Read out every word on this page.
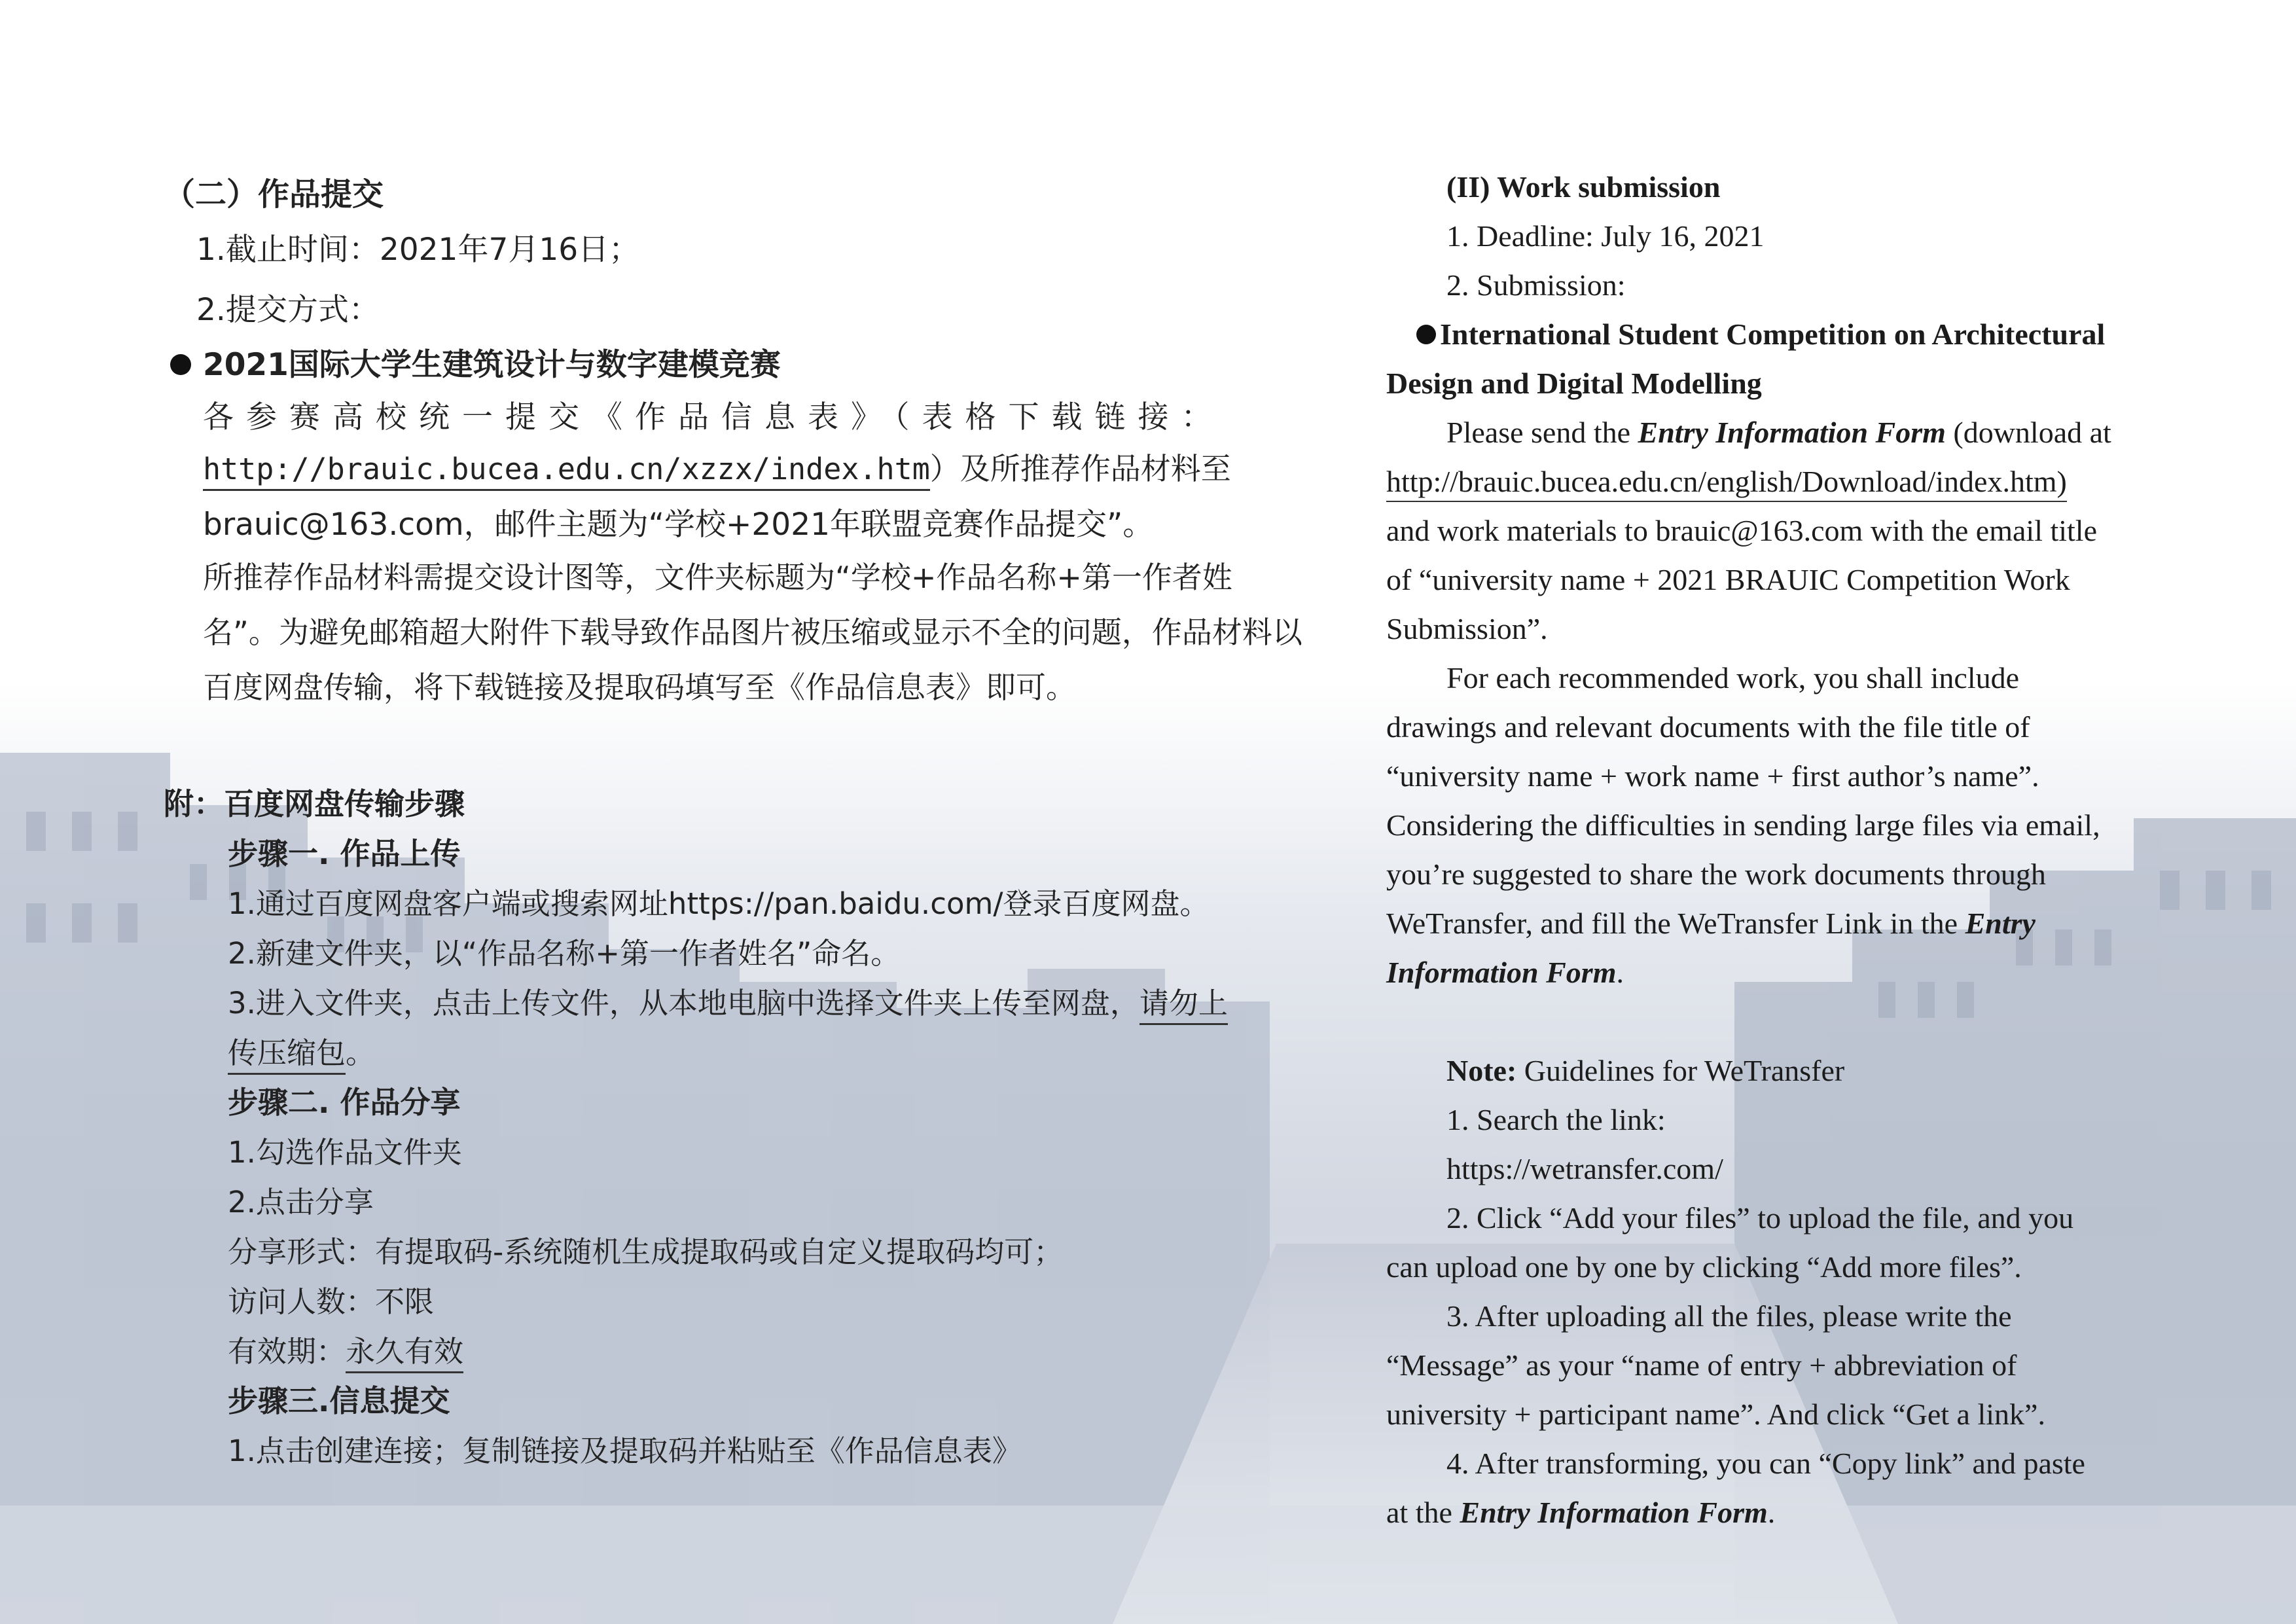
（二）作品提交
1.截止时间：2021年7月16日；
2.提交方式：
2021国际大学生建筑设计与数字建模竞赛
各参赛高校统一提交《作品信息表》（表格下载链接：
http://brauic.bucea.edu.cn/xzzx/index.htm）及所推荐作品材料至
brauic@163.com，邮件主题为“学校+2021年联盟竞赛作品提交”。
所推荐作品材料需提交设计图等，文件夹标题为“学校+作品名称+第一作者姓名”。为避免邮箱超大附件下载导致作品图片被压缩或显示不全的问题，作品材料以百度网盘传输，将下载链接及提取码填写至《作品信息表》即可。
附：百度网盘传输步骤
步骤一. 作品上传
1.通过百度网盘客户端或搜索网址https://pan.baidu.com/登录百度网盘。
2.新建文件夹，以“作品名称+第一作者姓名”命名。
3.进入文件夹，点击上传文件，从本地电脑中选择文件夹上传至网盘，请勿上
传压缩包。
步骤二. 作品分享
1.勾选作品文件夹
2.点击分享
分享形式：有提取码-系统随机生成提取码或自定义提取码均可；
访问人数：不限
有效期：永久有效
步骤三.信息提交
1.点击创建连接；复制链接及提取码并粘贴至《作品信息表》
(II) Work submission
1. Deadline: July 16, 2021
2. Submission:
International Student Competition on Architectural
Design and Digital Modelling
Please send the Entry Information Form (download at
http://brauic.bucea.edu.cn/english/Download/index.htm)
and work materials to brauic@163.com with the email title
of “university name + 2021 BRAUIC Competition Work
Submission”.
For each recommended work, you shall include
drawings and relevant documents with the file title of
“university name + work name + first author’s name”.
Considering the difficulties in sending large files via email,
you’re suggested to share the work documents through
WeTransfer, and fill the WeTransfer Link in the Entry
Information Form.
Note: Guidelines for WeTransfer
1. Search the link:
https://wetransfer.com/
2. Click “Add your files” to upload the file, and you
can upload one by one by clicking “Add more files”.
3. After uploading all the files, please write the
“Message” as your “name of entry + abbreviation of
university + participant name”. And click “Get a link”.
4. After transforming, you can “Copy link” and paste
at the Entry Information Form.
